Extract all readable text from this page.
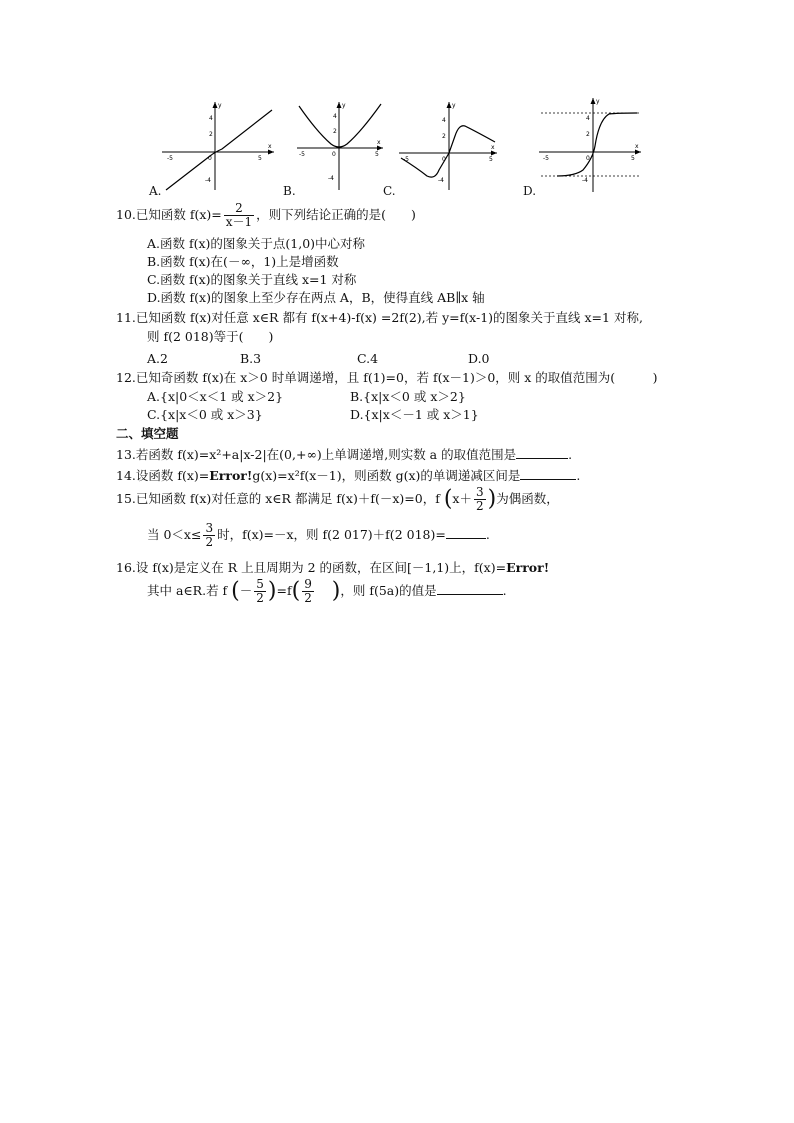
x
y
-5	5
4
2
-4
0
x
y
-5	5
4
2
-4
0
x
y
-5	5
4
2
-4
0
x
y
-5	5
4
2
-4
0
A.	B.	C.	D.
10.已知函数 $f(x)= \frac{2}{x-1}$ ，则下列结论正确的是(　　)
A.函数 f(x)的图象关于点(1,0)中心对称
B.函数 f(x)在(－∞，1)上是增函数
C.函数 f(x)的图象关于直线 x=1 对称
D.函数 f(x)的图象上至少存在两点 A，B，使得直线 AB∥x 轴
11.已知函数 f(x)对任意 x∈R 都有 f(x+4)-f(x) =2f(2),若 y=f(x-1)的图象关于直线 x=1 对称,
则 f(2 018)等于(　　)
A.2	B.3	C.4	D.0
12.已知奇函数 f(x)在 x＞0 时单调递增，且 f(1)=0，若 f(x－1)＞0，则 x 的取值范围为(　　　)
A.{x|0＜x＜1 或 x＞2}	B.{x|x＜0 或 x＞2}
C.{x|x＜0 或 x＞3}	D.{x|x＜－1 或 x＞1}
二、填空题
13.若函数 f(x)=x²+a|x-2|在(0,+∞)上单调递增,则实数 a 的取值范围是	.
14.设函数 f(x)=Error!g(x)=x²f(x－1)，则函数 g(x)的单调递减区间是	.
15.已知函数 f(x)对任意的 x∈R 都满足 f(x)＋f(－x)=0，f ($x+ \frac{3}{2}$ )为偶函数，
当 $0<x\le \frac{3}{2}$ 时，f(x)=－x，则 f(2 017)＋f(2 018)=	.
16.设 f(x)是定义在 R 上且周期为 2 的函数，在区间[－1,1)上，f(x)=Error!
其中 a∈R.若 f (－ $\frac{5}{2} )=f( \frac{9}{2}$ )，则 f(5a)的值是	.
